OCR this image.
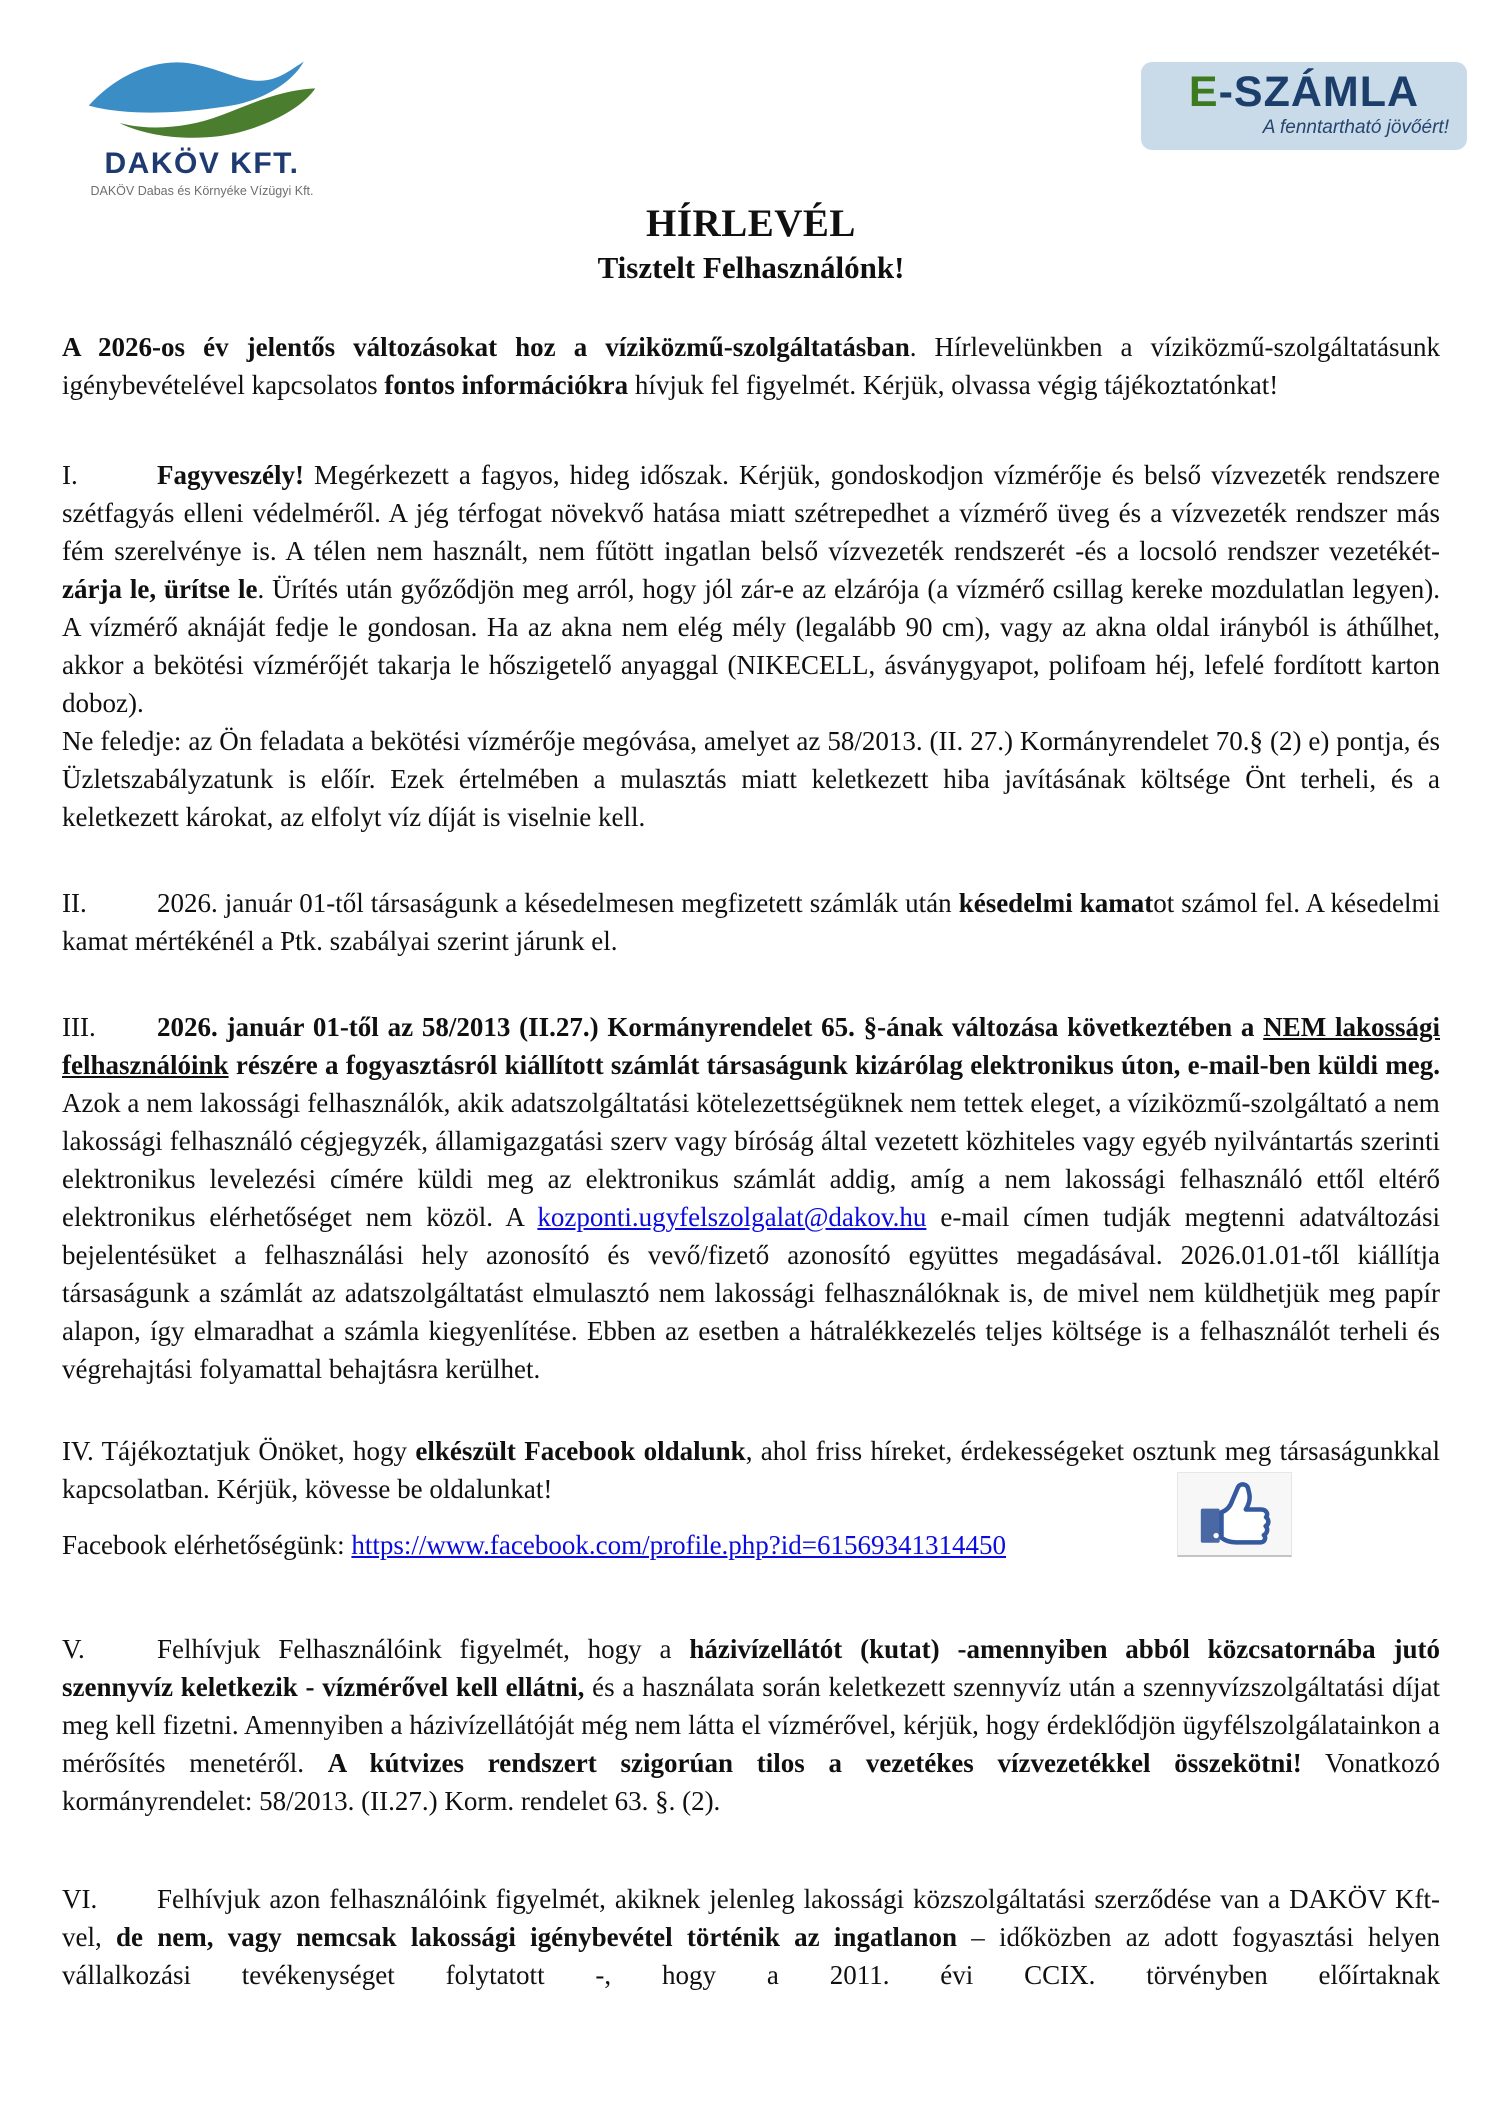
DAKÖV KFT.
DAKÖV Dabas és Környéke Vízügyi Kft.
E-SZÁMLA
A fenntartható jövőért!
HÍRLEVÉL
Tisztelt Felhasználónk!

A 2026-os év jelentős változásokat hoz a víziközmű-szolgáltatásban. Hírlevelünkben a víziközmű-szolgáltatásunk igénybevételével kapcsolatos fontos információkra hívjuk fel figyelmét. Kérjük, olvassa végig tájékoztatónkat!

I.	Fagyveszély! Megérkezett a fagyos, hideg időszak. Kérjük, gondoskodjon vízmérője és belső vízvezeték rendszere szétfagyás elleni védelméről. A jég térfogat növekvő hatása miatt szétrepedhet a vízmérő üveg és a vízvezeték rendszer más fém szerelvénye is. A télen nem használt, nem fűtött ingatlan belső vízvezeték rendszerét -és a locsoló rendszer vezetékét- zárja le, ürítse le. Ürítés után győződjön meg arról, hogy jól zár-e az elzárója (a vízmérő csillag kereke mozdulatlan legyen). A vízmérő aknáját fedje le gondosan. Ha az akna nem elég mély (legalább 90 cm), vagy az akna oldal irányból is áthűlhet, akkor a bekötési vízmérőjét takarja le hőszigetelő anyaggal (NIKECELL, ásványgyapot, polifoam héj, lefelé fordított karton doboz).

Ne feledje: az Ön feladata a bekötési vízmérője megóvása, amelyet az 58/2013. (II. 27.) Kormányrendelet 70.§ (2) e) pontja, és Üzletszabályzatunk is előír. Ezek értelmében a mulasztás miatt keletkezett hiba javításának költsége Önt terheli, és a keletkezett károkat, az elfolyt víz díját is viselnie kell.

II.	2026. január 01-től társaságunk a késedelmesen megfizetett számlák után késedelmi kamatot számol fel. A késedelmi kamat mértékénél a Ptk. szabályai szerint járunk el.

III. 2026. január 01-től az 58/2013 (II.27.) Kormányrendelet 65. §-ának változása következtében a NEM lakossági felhasználóink részére a fogyasztásról kiállított számlát társaságunk kizárólag elektronikus úton, e-mail-ben küldi meg. Azok a nem lakossági felhasználók, akik adatszolgáltatási kötelezettségüknek nem tettek eleget, a víziközmű-szolgáltató a nem lakossági felhasználó cégjegyzék, államigazgatási szerv vagy bíróság által vezetett közhiteles vagy egyéb nyilvántartás szerinti elektronikus levelezési címére küldi meg az elektronikus számlát addig, amíg a nem lakossági felhasználó ettől eltérő elektronikus elérhetőséget nem közöl. A kozponti.ugyfelszolgalat@dakov.hu e-mail címen tudják megtenni adatváltozási bejelentésüket a felhasználási hely azonosító és vevő/fizető azonosító együttes megadásával. 2026.01.01-től kiállítja társaságunk a számlát az adatszolgáltatást elmulasztó nem lakossági felhasználóknak is, de mivel nem küldhetjük meg papír alapon, így elmaradhat a számla kiegyenlítése. Ebben az esetben a hátralékkezelés teljes költsége is a felhasználót terheli és végrehajtási folyamattal behajtásra kerülhet.

IV. Tájékoztatjuk Önöket, hogy elkészült Facebook oldalunk, ahol friss híreket, érdekességeket osztunk meg társaságunkkal kapcsolatban. Kérjük, kövesse be oldalunkat!

Facebook elérhetőségünk: https://www.facebook.com/profile.php?id=61569341314450

V.	Felhívjuk Felhasználóink figyelmét, hogy a házivízellátót (kutat) -amennyiben abból közcsatornába jutó szennyvíz keletkezik - vízmérővel kell ellátni, és a használata során keletkezett szennyvíz után a szennyvízszolgáltatási díjat meg kell fizetni. Amennyiben a házivízellátóját még nem látta el vízmérővel, kérjük, hogy érdeklődjön ügyfélszolgálatainkon a mérősítés menetéről. A kútvizes rendszert szigorúan tilos a vezetékes vízvezetékkel összekötni! Vonatkozó kormányrendelet: 58/2013. (II.27.) Korm. rendelet 63. §. (2).

VI. Felhívjuk azon felhasználóink figyelmét, akiknek jelenleg lakossági közszolgáltatási szerződése van a DAKÖV Kft-vel, de nem, vagy nemcsak lakossági igénybevétel történik az ingatlanon – időközben az adott fogyasztási helyen vállalkozási tevékenységet folytatott -, hogy a 2011. évi CCIX. törvényben előírtaknak
